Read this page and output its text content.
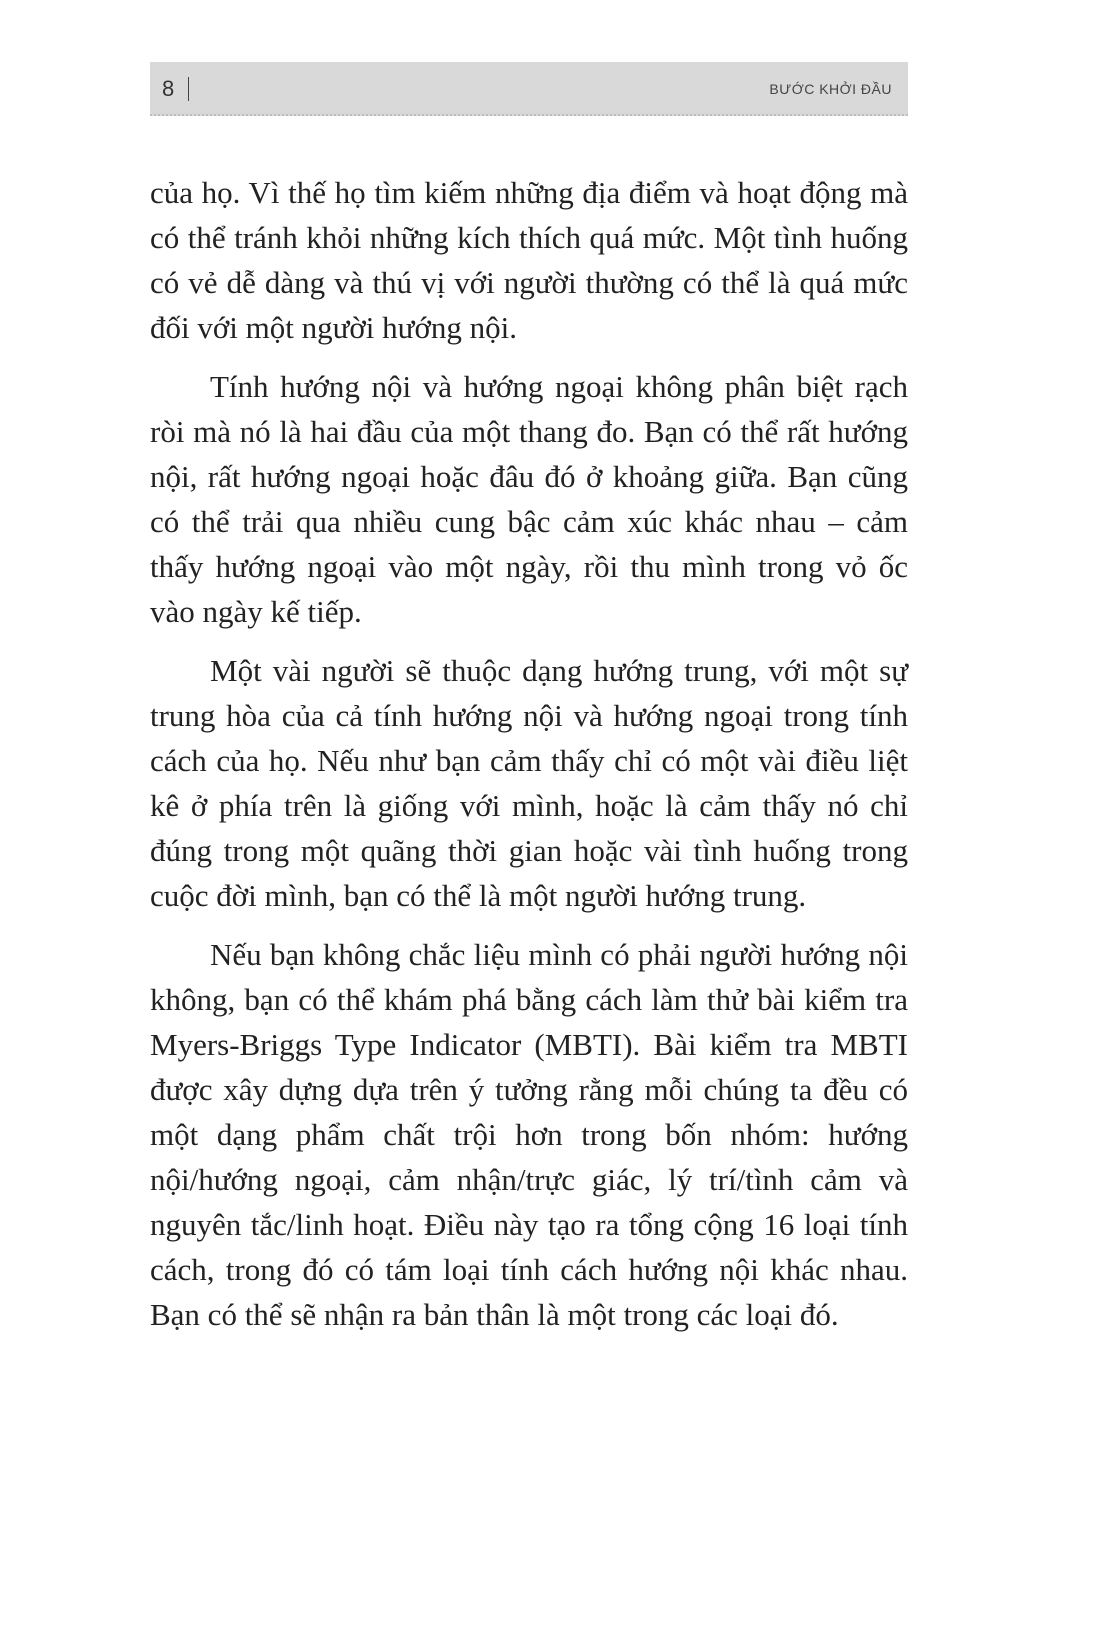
8	BƯỚC KHỞI ĐẦU

của họ. Vì thế họ tìm kiếm những địa điểm và hoạt động mà có thể tránh khỏi những kích thích quá mức. Một tình huống có vẻ dễ dàng và thú vị với người thường có thể là quá mức đối với một người hướng nội.

Tính hướng nội và hướng ngoại không phân biệt rạch ròi mà nó là hai đầu của một thang đo. Bạn có thể rất hướng nội, rất hướng ngoại hoặc đâu đó ở khoảng giữa. Bạn cũng có thể trải qua nhiều cung bậc cảm xúc khác nhau – cảm thấy hướng ngoại vào một ngày, rồi thu mình trong vỏ ốc vào ngày kế tiếp.

Một vài người sẽ thuộc dạng hướng trung, với một sự trung hòa của cả tính hướng nội và hướng ngoại trong tính cách của họ. Nếu như bạn cảm thấy chỉ có một vài điều liệt kê ở phía trên là giống với mình, hoặc là cảm thấy nó chỉ đúng trong một quãng thời gian hoặc vài tình huống trong cuộc đời mình, bạn có thể là một người hướng trung.

Nếu bạn không chắc liệu mình có phải người hướng nội không, bạn có thể khám phá bằng cách làm thử bài kiểm tra Myers-Briggs Type Indicator (MBTI). Bài kiểm tra MBTI được xây dựng dựa trên ý tưởng rằng mỗi chúng ta đều có một dạng phẩm chất trội hơn trong bốn nhóm: hướng nội/hướng ngoại, cảm nhận/trực giác, lý trí/tình cảm và nguyên tắc/linh hoạt. Điều này tạo ra tổng cộng 16 loại tính cách, trong đó có tám loại tính cách hướng nội khác nhau. Bạn có thể sẽ nhận ra bản thân là một trong các loại đó.
